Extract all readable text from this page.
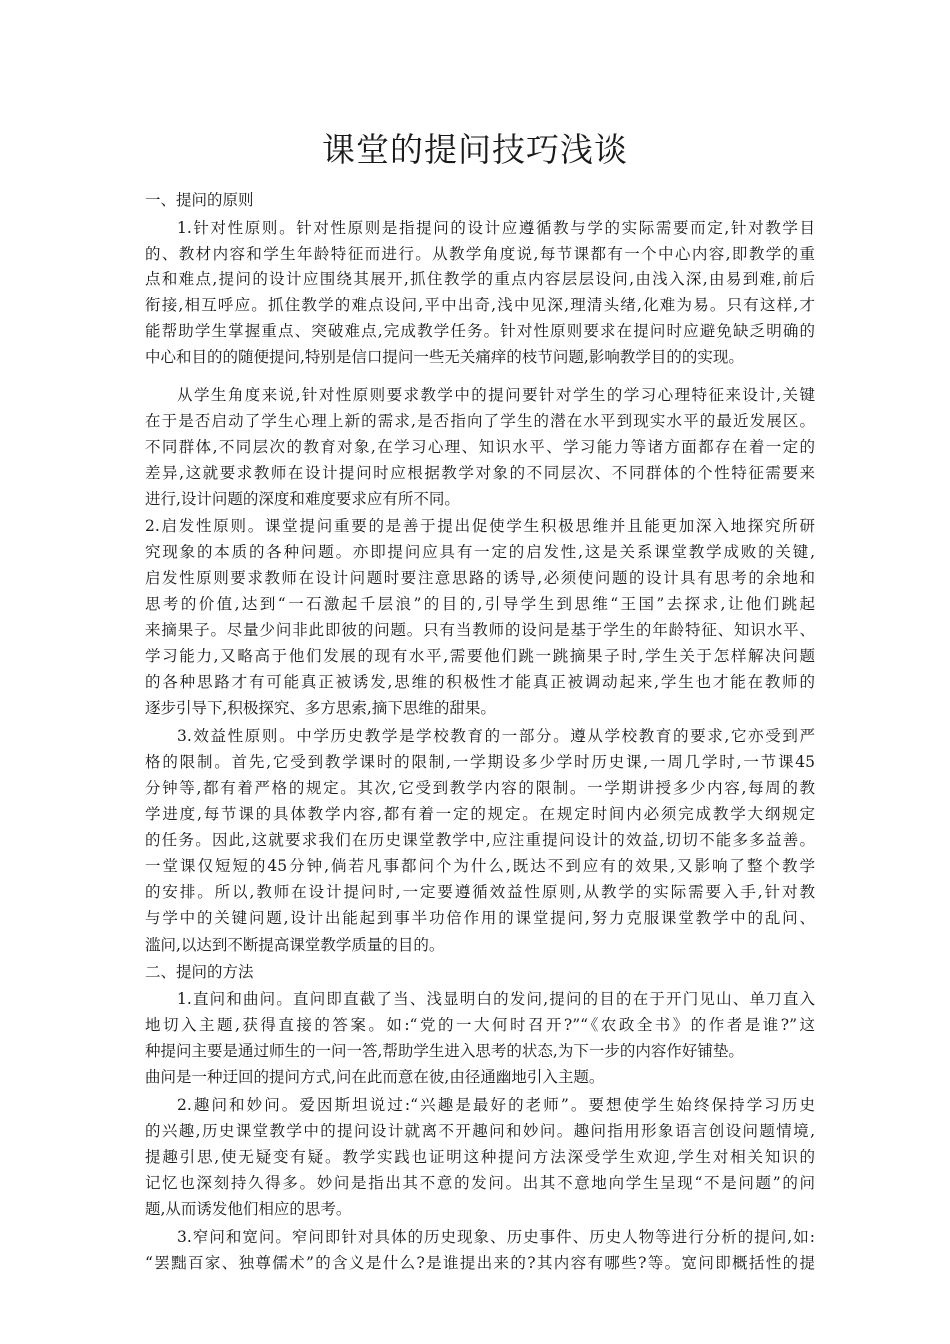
课堂的提问技巧浅谈
一、提问的原则
1.针对性原则。针对性原则是指提问的设计应遵循教与学的实际需要而定,针对教学目
的、教材内容和学生年龄特征而进行。从教学角度说,每节课都有一个中心内容,即教学的重
点和难点,提问的设计应围绕其展开,抓住教学的重点内容层层设问,由浅入深,由易到难,前后
衔接,相互呼应。抓住教学的难点设问,平中出奇,浅中见深,理清头绪,化难为易。只有这样,才
能帮助学生掌握重点、突破难点,完成教学任务。针对性原则要求在提问时应避免缺乏明确的
中心和目的的随便提问,特别是信口提问一些无关痛痒的枝节问题,影响教学目的的实现。
从学生角度来说,针对性原则要求教学中的提问要针对学生的学习心理特征来设计,关键
在于是否启动了学生心理上新的需求,是否指向了学生的潜在水平到现实水平的最近发展区。
不同群体,不同层次的教育对象,在学习心理、知识水平、学习能力等诸方面都存在着一定的
差异,这就要求教师在设计提问时应根据教学对象的不同层次、不同群体的个性特征需要来
进行,设计问题的深度和难度要求应有所不同。
2.启发性原则。课堂提问重要的是善于提出促使学生积极思维并且能更加深入地探究所研
究现象的本质的各种问题。亦即提问应具有一定的启发性,这是关系课堂教学成败的关键,
启发性原则要求教师在设计问题时要注意思路的诱导,必须使问题的设计具有思考的余地和
思考的价值,达到“一石激起千层浪”的目的,引导学生到思维“王国”去探求,让他们跳起
来摘果子。尽量少问非此即彼的问题。只有当教师的设问是基于学生的年龄特征、知识水平、
学习能力,又略高于他们发展的现有水平,需要他们跳一跳摘果子时,学生关于怎样解决问题
的各种思路才有可能真正被诱发,思维的积极性才能真正被调动起来,学生也才能在教师的
逐步引导下,积极探究、多方思索,摘下思维的甜果。
3.效益性原则。中学历史教学是学校教育的一部分。遵从学校教育的要求,它亦受到严
格的限制。首先,它受到教学课时的限制,一学期设多少学时历史课,一周几学时,一节课45
分钟等,都有着严格的规定。其次,它受到教学内容的限制。一学期讲授多少内容,每周的教
学进度,每节课的具体教学内容,都有着一定的规定。在规定时间内必须完成教学大纲规定
的任务。因此,这就要求我们在历史课堂教学中,应注重提问设计的效益,切切不能多多益善。
一堂课仅短短的45分钟,倘若凡事都问个为什么,既达不到应有的效果,又影响了整个教学
的安排。所以,教师在设计提问时,一定要遵循效益性原则,从教学的实际需要入手,针对教
与学中的关键问题,设计出能起到事半功倍作用的课堂提问,努力克服课堂教学中的乱问、
滥问,以达到不断提高课堂教学质量的目的。
二、提问的方法
1.直问和曲问。直问即直截了当、浅显明白的发问,提问的目的在于开门见山、单刀直入
地切入主题,获得直接的答案。如:“党的一大何时召开?”“《农政全书》的作者是谁?”这
种提问主要是通过师生的一问一答,帮助学生进入思考的状态,为下一步的内容作好铺垫。
曲问是一种迂回的提问方式,问在此而意在彼,由径通幽地引入主题。
2.趣问和妙问。爱因斯坦说过:“兴趣是最好的老师”。要想使学生始终保持学习历史
的兴趣,历史课堂教学中的提问设计就离不开趣问和妙问。趣问指用形象语言创设问题情境,
提趣引思,使无疑变有疑。教学实践也证明这种提问方法深受学生欢迎,学生对相关知识的
记忆也深刻持久得多。妙问是指出其不意的发问。出其不意地向学生呈现“不是问题”的问
题,从而诱发他们相应的思考。
3.窄问和宽问。窄问即针对具体的历史现象、历史事件、历史人物等进行分析的提问,如:
“罢黜百家、独尊儒术”的含义是什么?是谁提出来的?其内容有哪些?等。宽问即概括性的提
